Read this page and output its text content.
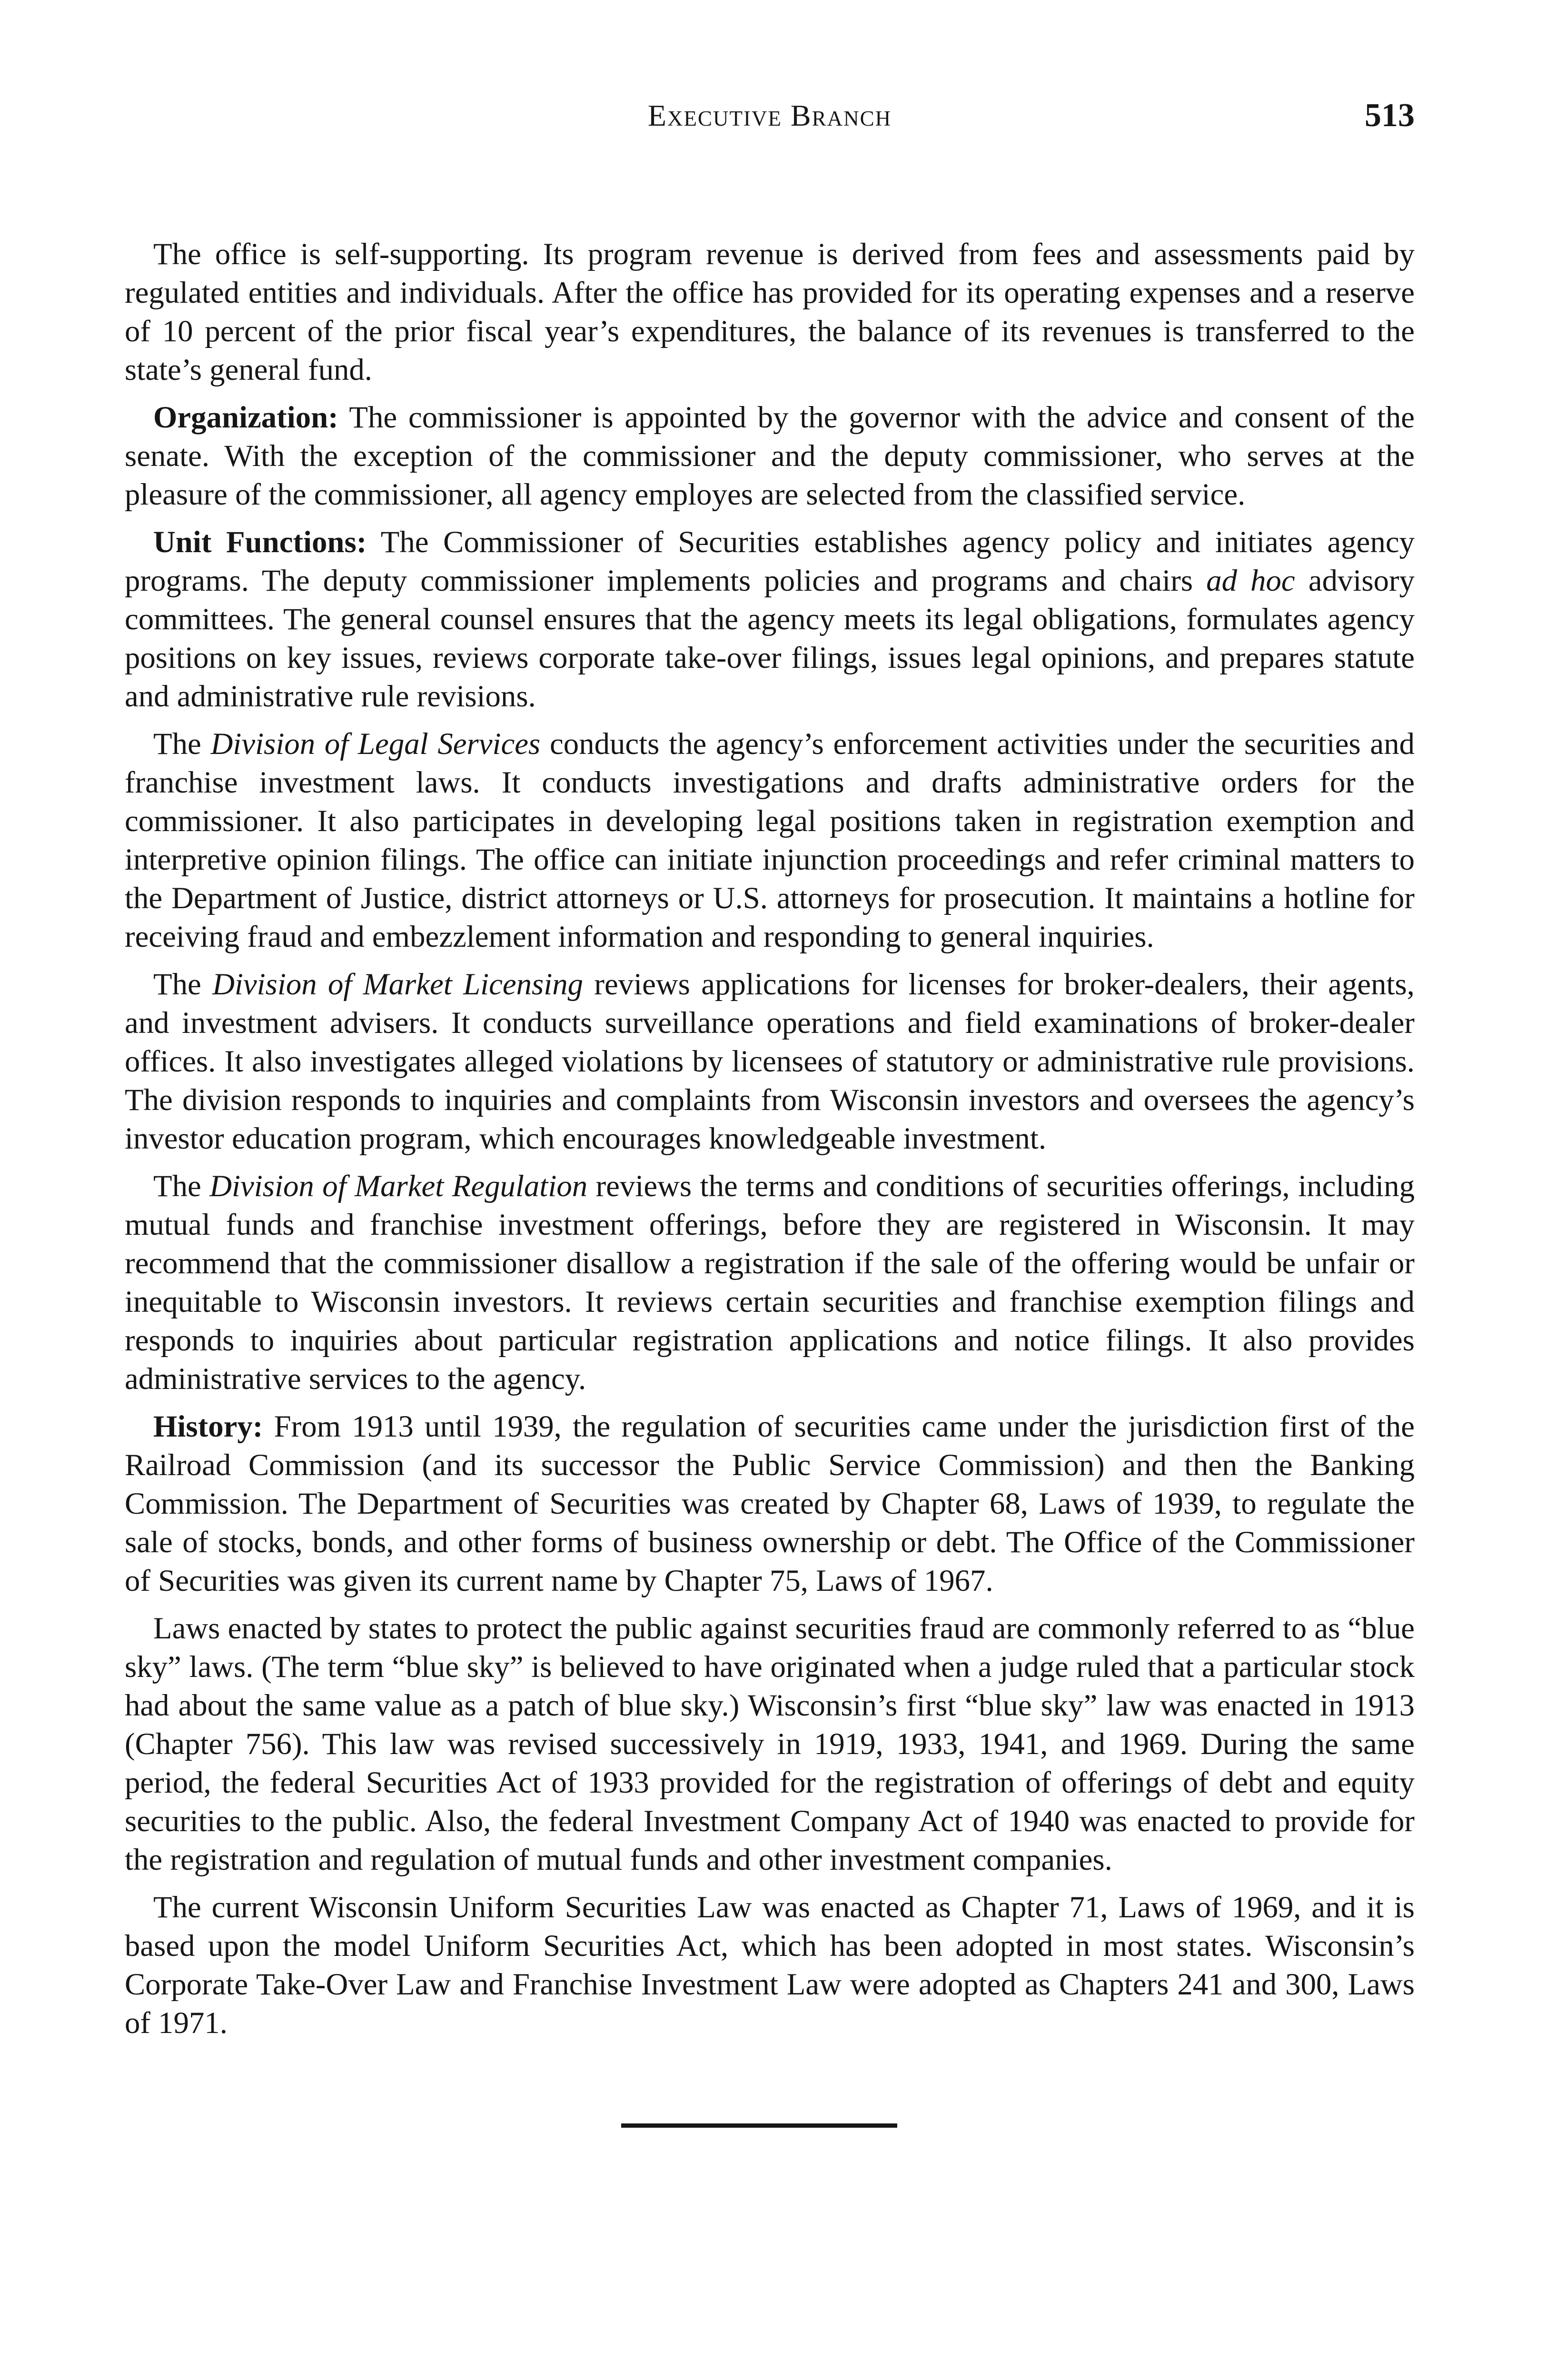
Executive Branch	513

The office is self-supporting. Its program revenue is derived from fees and assessments paid by regulated entities and individuals. After the office has provided for its operating expenses and a reserve of 10 percent of the prior fiscal year’s expenditures, the balance of its revenues is transferred to the state’s general fund.

Organization: The commissioner is appointed by the governor with the advice and consent of the senate. With the exception of the commissioner and the deputy commissioner, who serves at the pleasure of the commissioner, all agency employes are selected from the classified service.

Unit Functions: The Commissioner of Securities establishes agency policy and initiates agency programs. The deputy commissioner implements policies and programs and chairs ad hoc advisory committees. The general counsel ensures that the agency meets its legal obligations, formulates agency positions on key issues, reviews corporate take-over filings, issues legal opinions, and prepares statute and administrative rule revisions.

The Division of Legal Services conducts the agency’s enforcement activities under the securities and franchise investment laws. It conducts investigations and drafts administrative orders for the commissioner. It also participates in developing legal positions taken in registration exemption and interpretive opinion filings. The office can initiate injunction proceedings and refer criminal matters to the Department of Justice, district attorneys or U.S. attorneys for prosecution. It maintains a hotline for receiving fraud and embezzlement information and responding to general inquiries.

The Division of Market Licensing reviews applications for licenses for broker-dealers, their agents, and investment advisers. It conducts surveillance operations and field examinations of broker-dealer offices. It also investigates alleged violations by licensees of statutory or administrative rule provisions. The division responds to inquiries and complaints from Wisconsin investors and oversees the agency’s investor education program, which encourages knowledgeable investment.

The Division of Market Regulation reviews the terms and conditions of securities offerings, including mutual funds and franchise investment offerings, before they are registered in Wisconsin. It may recommend that the commissioner disallow a registration if the sale of the offering would be unfair or inequitable to Wisconsin investors. It reviews certain securities and franchise exemption filings and responds to inquiries about particular registration applications and notice filings. It also provides administrative services to the agency.

History: From 1913 until 1939, the regulation of securities came under the jurisdiction first of the Railroad Commission (and its successor the Public Service Commission) and then the Banking Commission. The Department of Securities was created by Chapter 68, Laws of 1939, to regulate the sale of stocks, bonds, and other forms of business ownership or debt. The Office of the Commissioner of Securities was given its current name by Chapter 75, Laws of 1967.

Laws enacted by states to protect the public against securities fraud are commonly referred to as “blue sky” laws. (The term “blue sky” is believed to have originated when a judge ruled that a particular stock had about the same value as a patch of blue sky.) Wisconsin’s first “blue sky” law was enacted in 1913 (Chapter 756). This law was revised successively in 1919, 1933, 1941, and 1969. During the same period, the federal Securities Act of 1933 provided for the registration of offerings of debt and equity securities to the public. Also, the federal Investment Company Act of 1940 was enacted to provide for the registration and regulation of mutual funds and other investment companies.

The current Wisconsin Uniform Securities Law was enacted as Chapter 71, Laws of 1969, and it is based upon the model Uniform Securities Act, which has been adopted in most states. Wisconsin’s Corporate Take-Over Law and Franchise Investment Law were adopted as Chapters 241 and 300, Laws of 1971.
